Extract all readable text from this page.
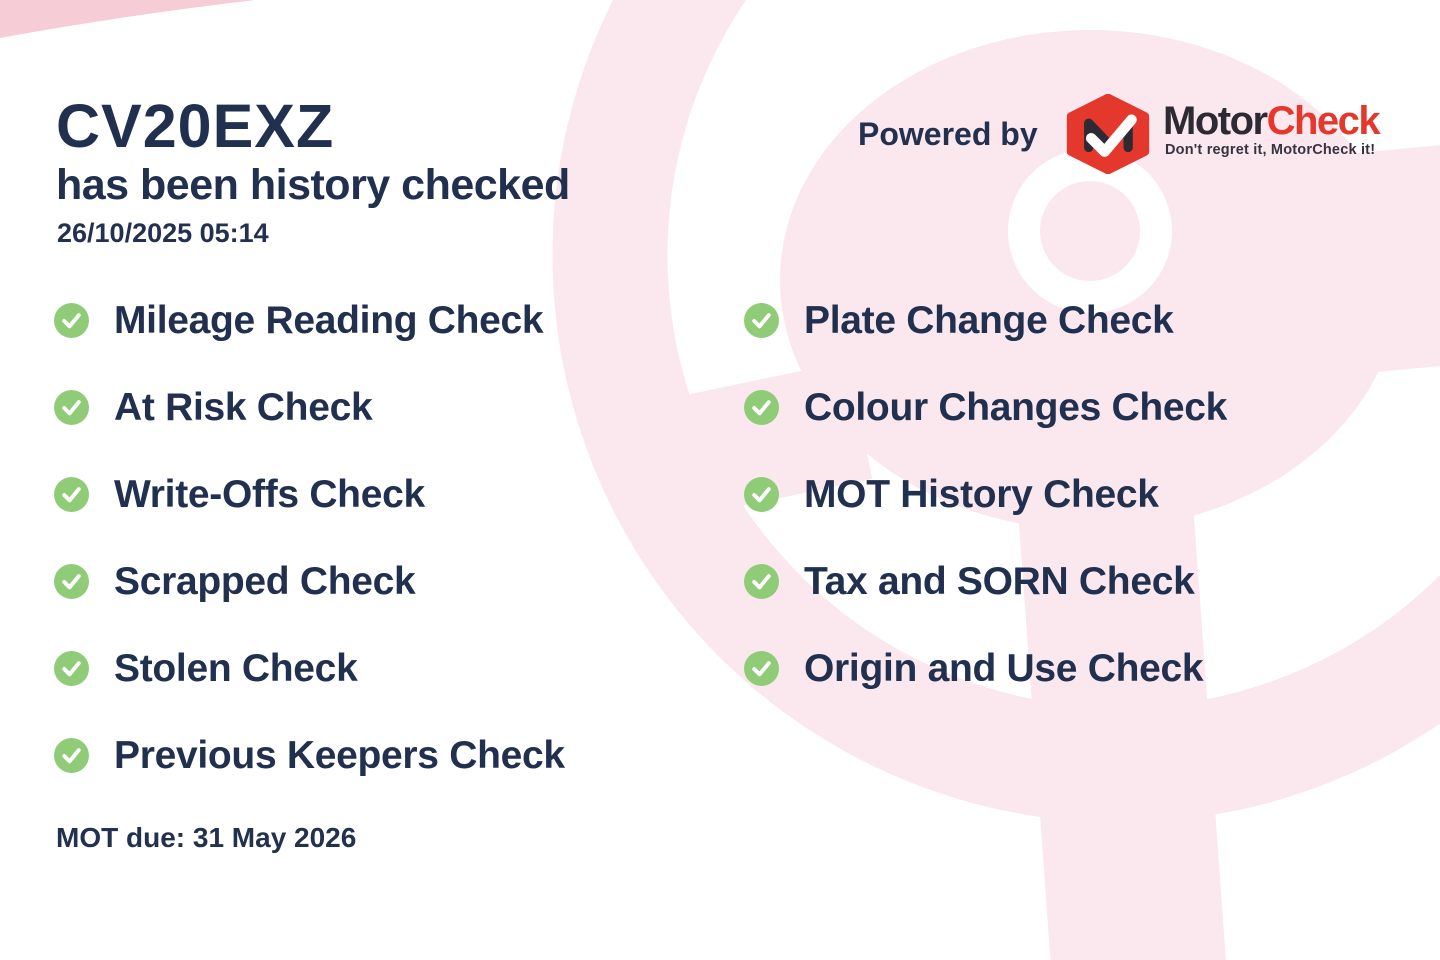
CV20EXZ
has been history checked
26/10/2025 05:14
Powered by	MotorCheck
Don't regret it, MotorCheck it!
Mileage Reading Check
At Risk Check
Write-Offs Check
Scrapped Check
Stolen Check
Previous Keepers Check
Plate Change Check
Colour Changes Check
MOT History Check
Tax and SORN Check
Origin and Use Check
MOT due: 31 May 2026
